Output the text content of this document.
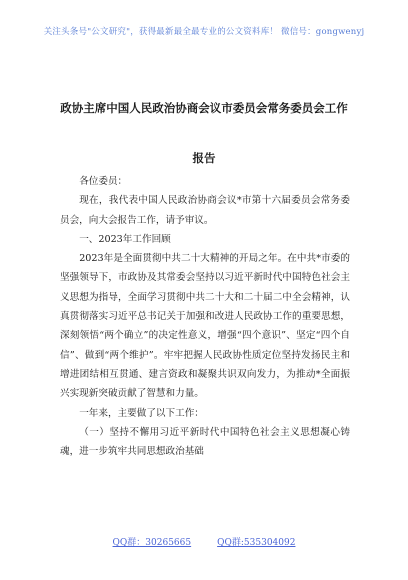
关注头条号"公文研究"，获得最新最全最专业的公文资料库！ 微信号：gongwenyj
政协主席中国人民政治协商会议市委员会常务委员会工作
报告

各位委员：

现在，我代表中国人民政治协商会议*市第十六届委员会常务委员会，向大会报告工作，请予审议。

一、2023年工作回顾

2023年是全面贯彻中共二十大精神的开局之年。在中共*市委的坚强领导下，市政协及其常委会坚持以习近平新时代中国特色社会主义思想为指导，全面学习贯彻中共二十大和二十届二中全会精神，认真贯彻落实习近平总书记关于加强和改进人民政协工作的重要思想，深刻领悟“两个确立”的决定性意义，增强“四个意识”、坚定“四个自信”、做到“两个维护”。牢牢把握人民政协性质定位坚持发扬民主和增进团结相互贯通、建言资政和凝聚共识双向发力，为推动*全面振兴实现新突破贡献了智慧和力量。

一年来，主要做了以下工作：

（一）坚持不懈用习近平新时代中国特色社会主义思想凝心铸魂，进一步筑牢共同思想政治基础

QQ群：30265665	QQ群:535304092
